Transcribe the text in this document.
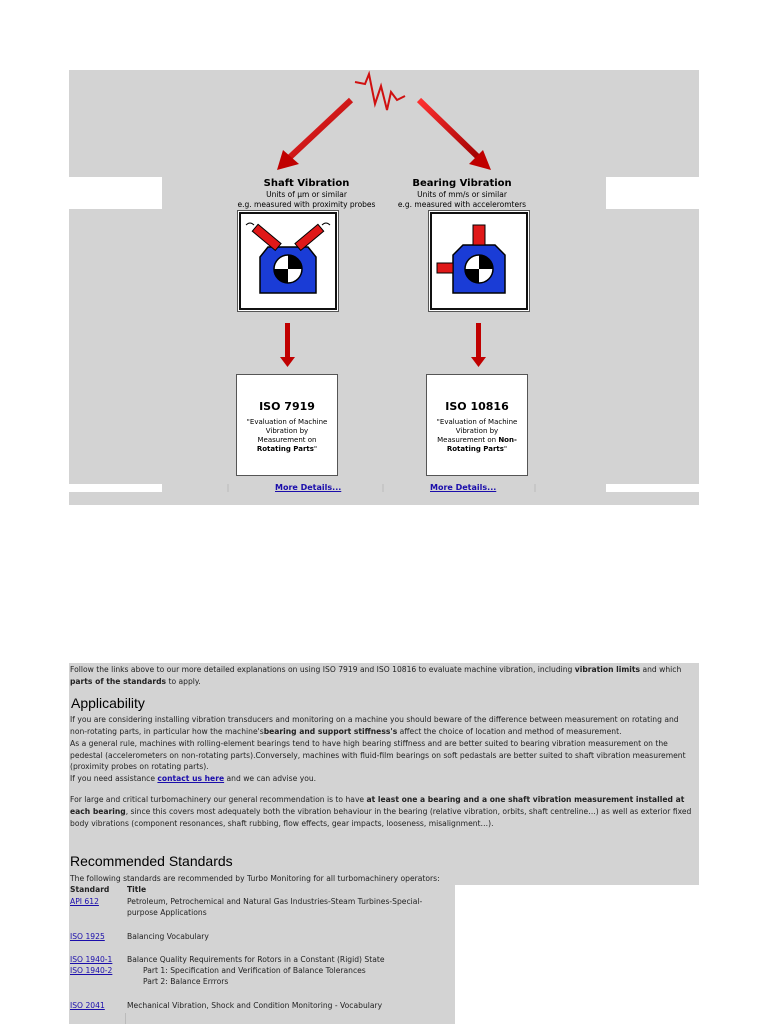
Shaft Vibration
Units of µm or similar
e.g. measured with proximity probes
Bearing Vibration
Units of mm/s or similar
e.g. measured with acceleromters
ISO 7919
"Evaluation of Machine Vibration by Measurement on Rotating Parts"
ISO 10816
"Evaluation of Machine Vibration by Measurement on Non-Rotating Parts"
More Details...	More Details...

Follow the links above to our more detailed explanations on using ISO 7919 and ISO 10816 to evaluate machine vibration, including vibration limits and which parts of the standards to apply.

Applicability

If you are considering installing vibration transducers and monitoring on a machine you should beware of the difference between measurement on rotating and non-rotating parts, in particular how the machine'sbearing and support stiffness's affect the choice of location and method of measurement.

As a general rule, machines with rolling-element bearings tend to have high bearing stiffness and are better suited to bearing vibration measurement on the pedestal (accelerometers on non-rotating parts).Conversely, machines with fluid-film bearings on soft pedastals are better suited to shaft vibration measurement (proximity probes on rotating parts).

If you need assistance contact us here and we can advise you.

For large and critical turbomachinery our general recommendation is to have at least one a bearing and a one shaft vibration measurement installed at each bearing, since this covers most adequately both the vibration behaviour in the bearing (relative vibration, orbits, shaft centreline…) as well as exterior fixed body vibrations (component resonances, shaft rubbing, flow effects, gear impacts, looseness, misalignment…).

Recommended Standards
The following standards are recommended by Turbo Monitoring for all turbomachinery operators:
Standard	Title
API 612	Petroleum, Petrochemical and Natural Gas Industries-Steam Turbines-Special-purpose Applications
ISO 1925	Balancing Vocabulary
ISO 1940-1	Balance Quality Requirements for Rotors in a Constant (Rigid) State
ISO 1940-2	Part 1: Specification and Verification of Balance Tolerances
Part 2: Balance Errrors
ISO 2041	Mechanical Vibration, Shock and Condition Monitoring - Vocabulary
